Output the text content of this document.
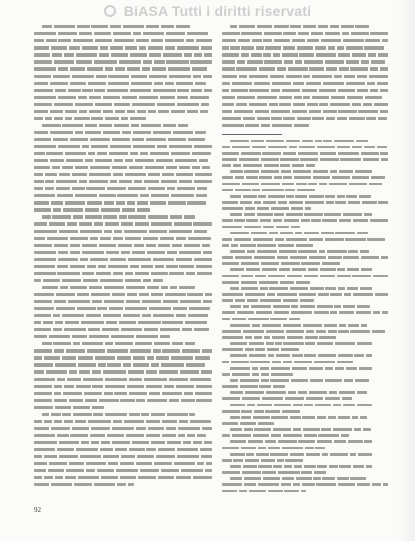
BiASA Tutti i diritti riservati
92
